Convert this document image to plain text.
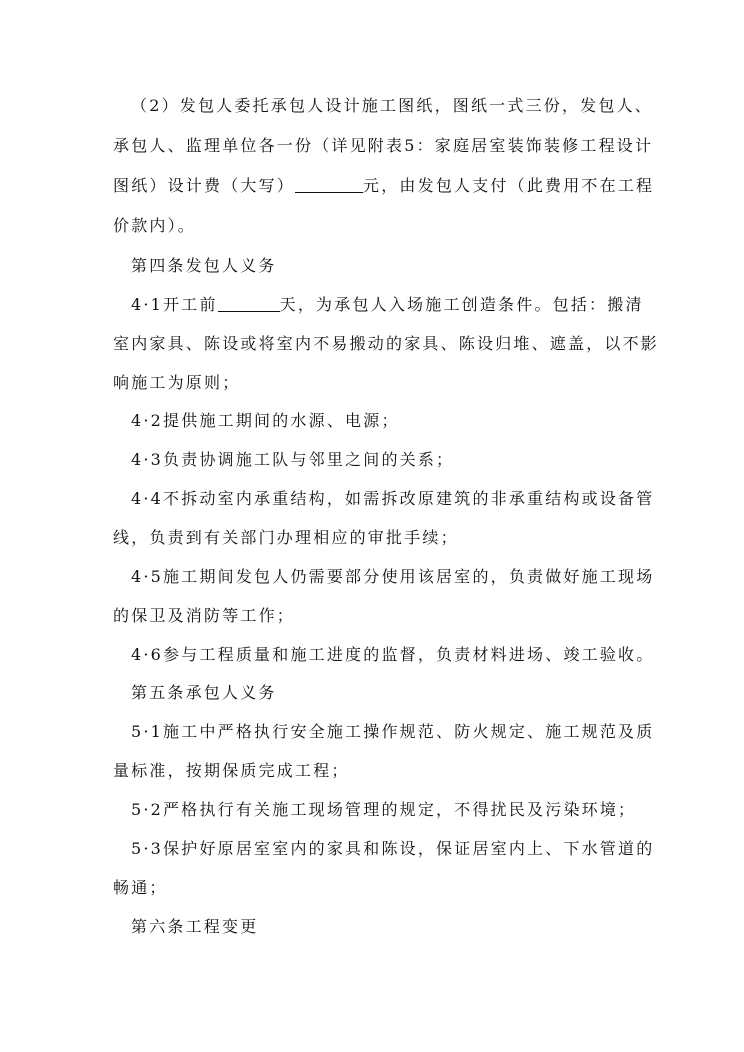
（2）发包人委托承包人设计施工图纸，图纸一式三份，发包人、
承包人、监理单位各一份（详见附表5：家庭居室装饰装修工程设计
图纸）设计费（大写）	元，由发包人支付（此费用不在工程
价款内）。
第四条发包人义务
4·1开工前	天，为承包人入场施工创造条件。包括：搬清
室内家具、陈设或将室内不易搬动的家具、陈设归堆、遮盖，以不影
响施工为原则；
4·2提供施工期间的水源、电源；
4·3负责协调施工队与邻里之间的关系；
4·4不拆动室内承重结构，如需拆改原建筑的非承重结构或设备管
线，负责到有关部门办理相应的审批手续；
4·5施工期间发包人仍需要部分使用该居室的，负责做好施工现场
的保卫及消防等工作；
4·6参与工程质量和施工进度的监督，负责材料进场、竣工验收。
第五条承包人义务
5·1施工中严格执行安全施工操作规范、防火规定、施工规范及质
量标准，按期保质完成工程；
5·2严格执行有关施工现场管理的规定，不得扰民及污染环境；
5·3保护好原居室室内的家具和陈设，保证居室内上、下水管道的
畅通；
第六条工程变更
